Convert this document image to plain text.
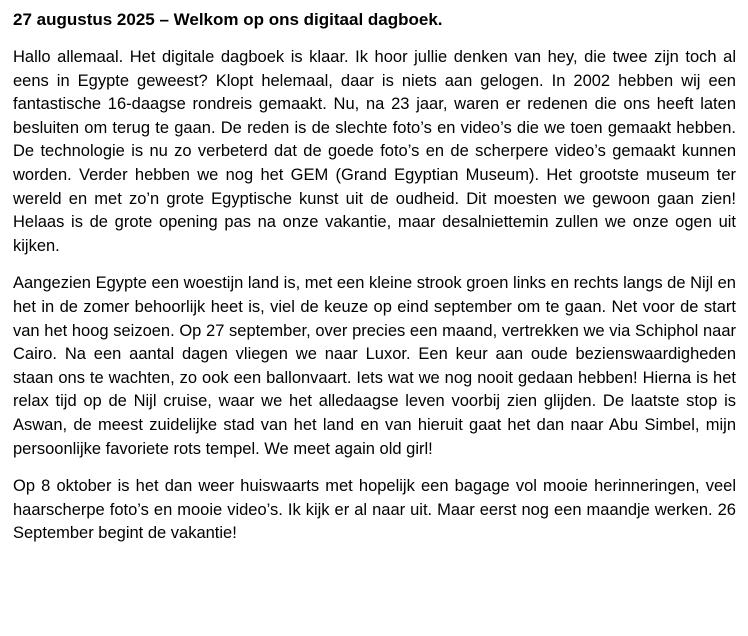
27 augustus 2025 – Welkom op ons digitaal dagboek.

Hallo allemaal. Het digitale dagboek is klaar. Ik hoor jullie denken van hey, die twee zijn toch al eens in Egypte geweest? Klopt helemaal, daar is niets aan gelogen. In 2002 hebben wij een fantastische 16-daagse rondreis gemaakt. Nu, na 23 jaar, waren er redenen die ons heeft laten besluiten om terug te gaan. De reden is de slechte foto’s en video’s die we toen gemaakt hebben. De technologie is nu zo verbeterd dat de goede foto’s en de scherpere video’s gemaakt kunnen worden. Verder hebben we nog het GEM (Grand Egyptian Museum). Het grootste museum ter wereld en met zo’n grote Egyptische kunst uit de oudheid. Dit moesten we gewoon gaan zien! Helaas is de grote opening pas na onze vakantie, maar desalniettemin zullen we onze ogen uit kijken.

Aangezien Egypte een woestijn land is, met een kleine strook groen links en rechts langs de Nijl en het in de zomer behoorlijk heet is, viel de keuze op eind september om te gaan. Net voor de start van het hoog seizoen. Op 27 september, over precies een maand, vertrekken we via Schiphol naar Cairo. Na een aantal dagen vliegen we naar Luxor. Een keur aan oude bezienswaardigheden staan ons te wachten, zo ook een ballonvaart. Iets wat we nog nooit gedaan hebben! Hierna is het relax tijd op de Nijl cruise, waar we het alledaagse leven voorbij zien glijden. De laatste stop is Aswan, de meest zuidelijke stad van het land en van hieruit gaat het dan naar Abu Simbel, mijn persoonlijke favoriete rots tempel. We meet again old girl!

Op 8 oktober is het dan weer huiswaarts met hopelijk een bagage vol mooie herinneringen, veel haarscherpe foto’s en mooie video’s. Ik kijk er al naar uit. Maar eerst nog een maandje werken. 26 September begint de vakantie!
